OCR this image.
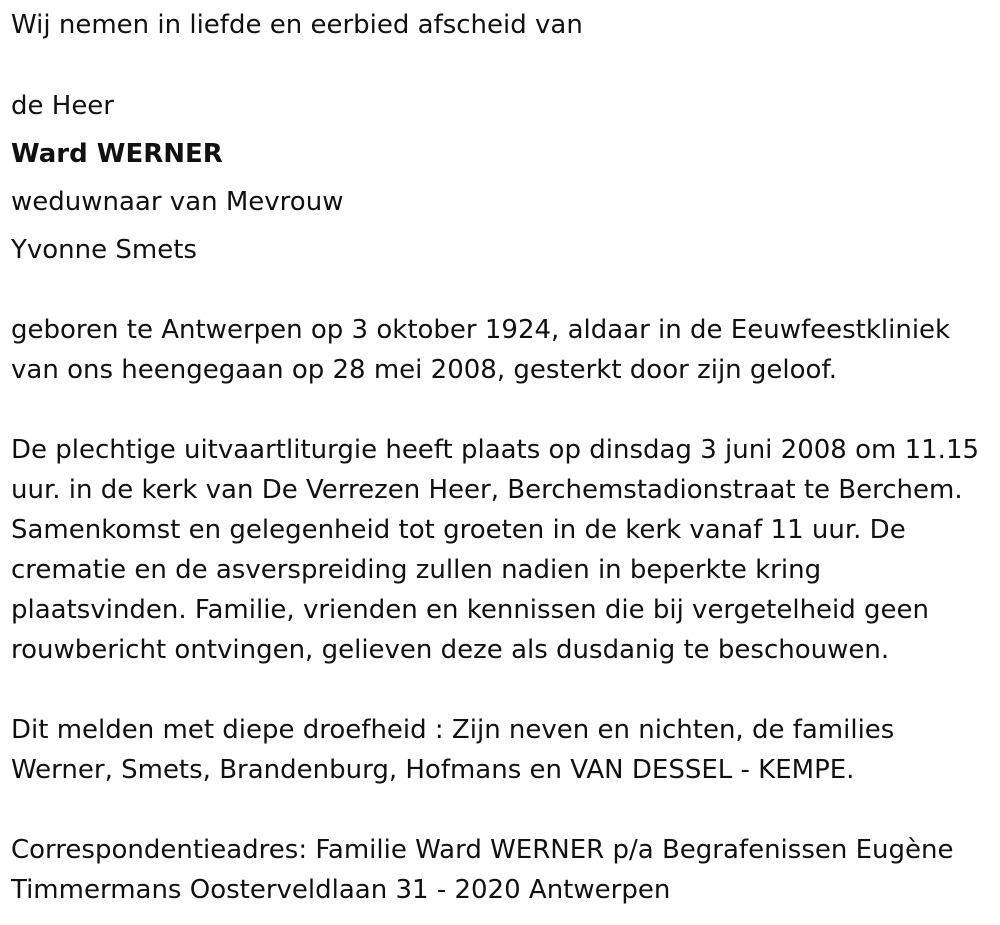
Wij nemen in liefde en eerbied afscheid van
de Heer
Ward WERNER
weduwnaar van Mevrouw
Yvonne Smets
geboren te Antwerpen op 3 oktober 1924, aldaar in de Eeuwfeestkliniek
van ons heengegaan op 28 mei 2008, gesterkt door zijn geloof.
De plechtige uitvaartliturgie heeft plaats op dinsdag 3 juni 2008 om 11.15
uur. in de kerk van De Verrezen Heer, Berchemstadionstraat te Berchem.
Samenkomst en gelegenheid tot groeten in de kerk vanaf 11 uur. De
crematie en de asverspreiding zullen nadien in beperkte kring
plaatsvinden. Familie, vrienden en kennissen die bij vergetelheid geen
rouwbericht ontvingen, gelieven deze als dusdanig te beschouwen.
Dit melden met diepe droefheid : Zijn neven en nichten, de families
Werner, Smets, Brandenburg, Hofmans en VAN DESSEL - KEMPE.
Correspondentieadres: Familie Ward WERNER p/a Begrafenissen Eugène
Timmermans Oosterveldlaan 31 - 2020 Antwerpen
